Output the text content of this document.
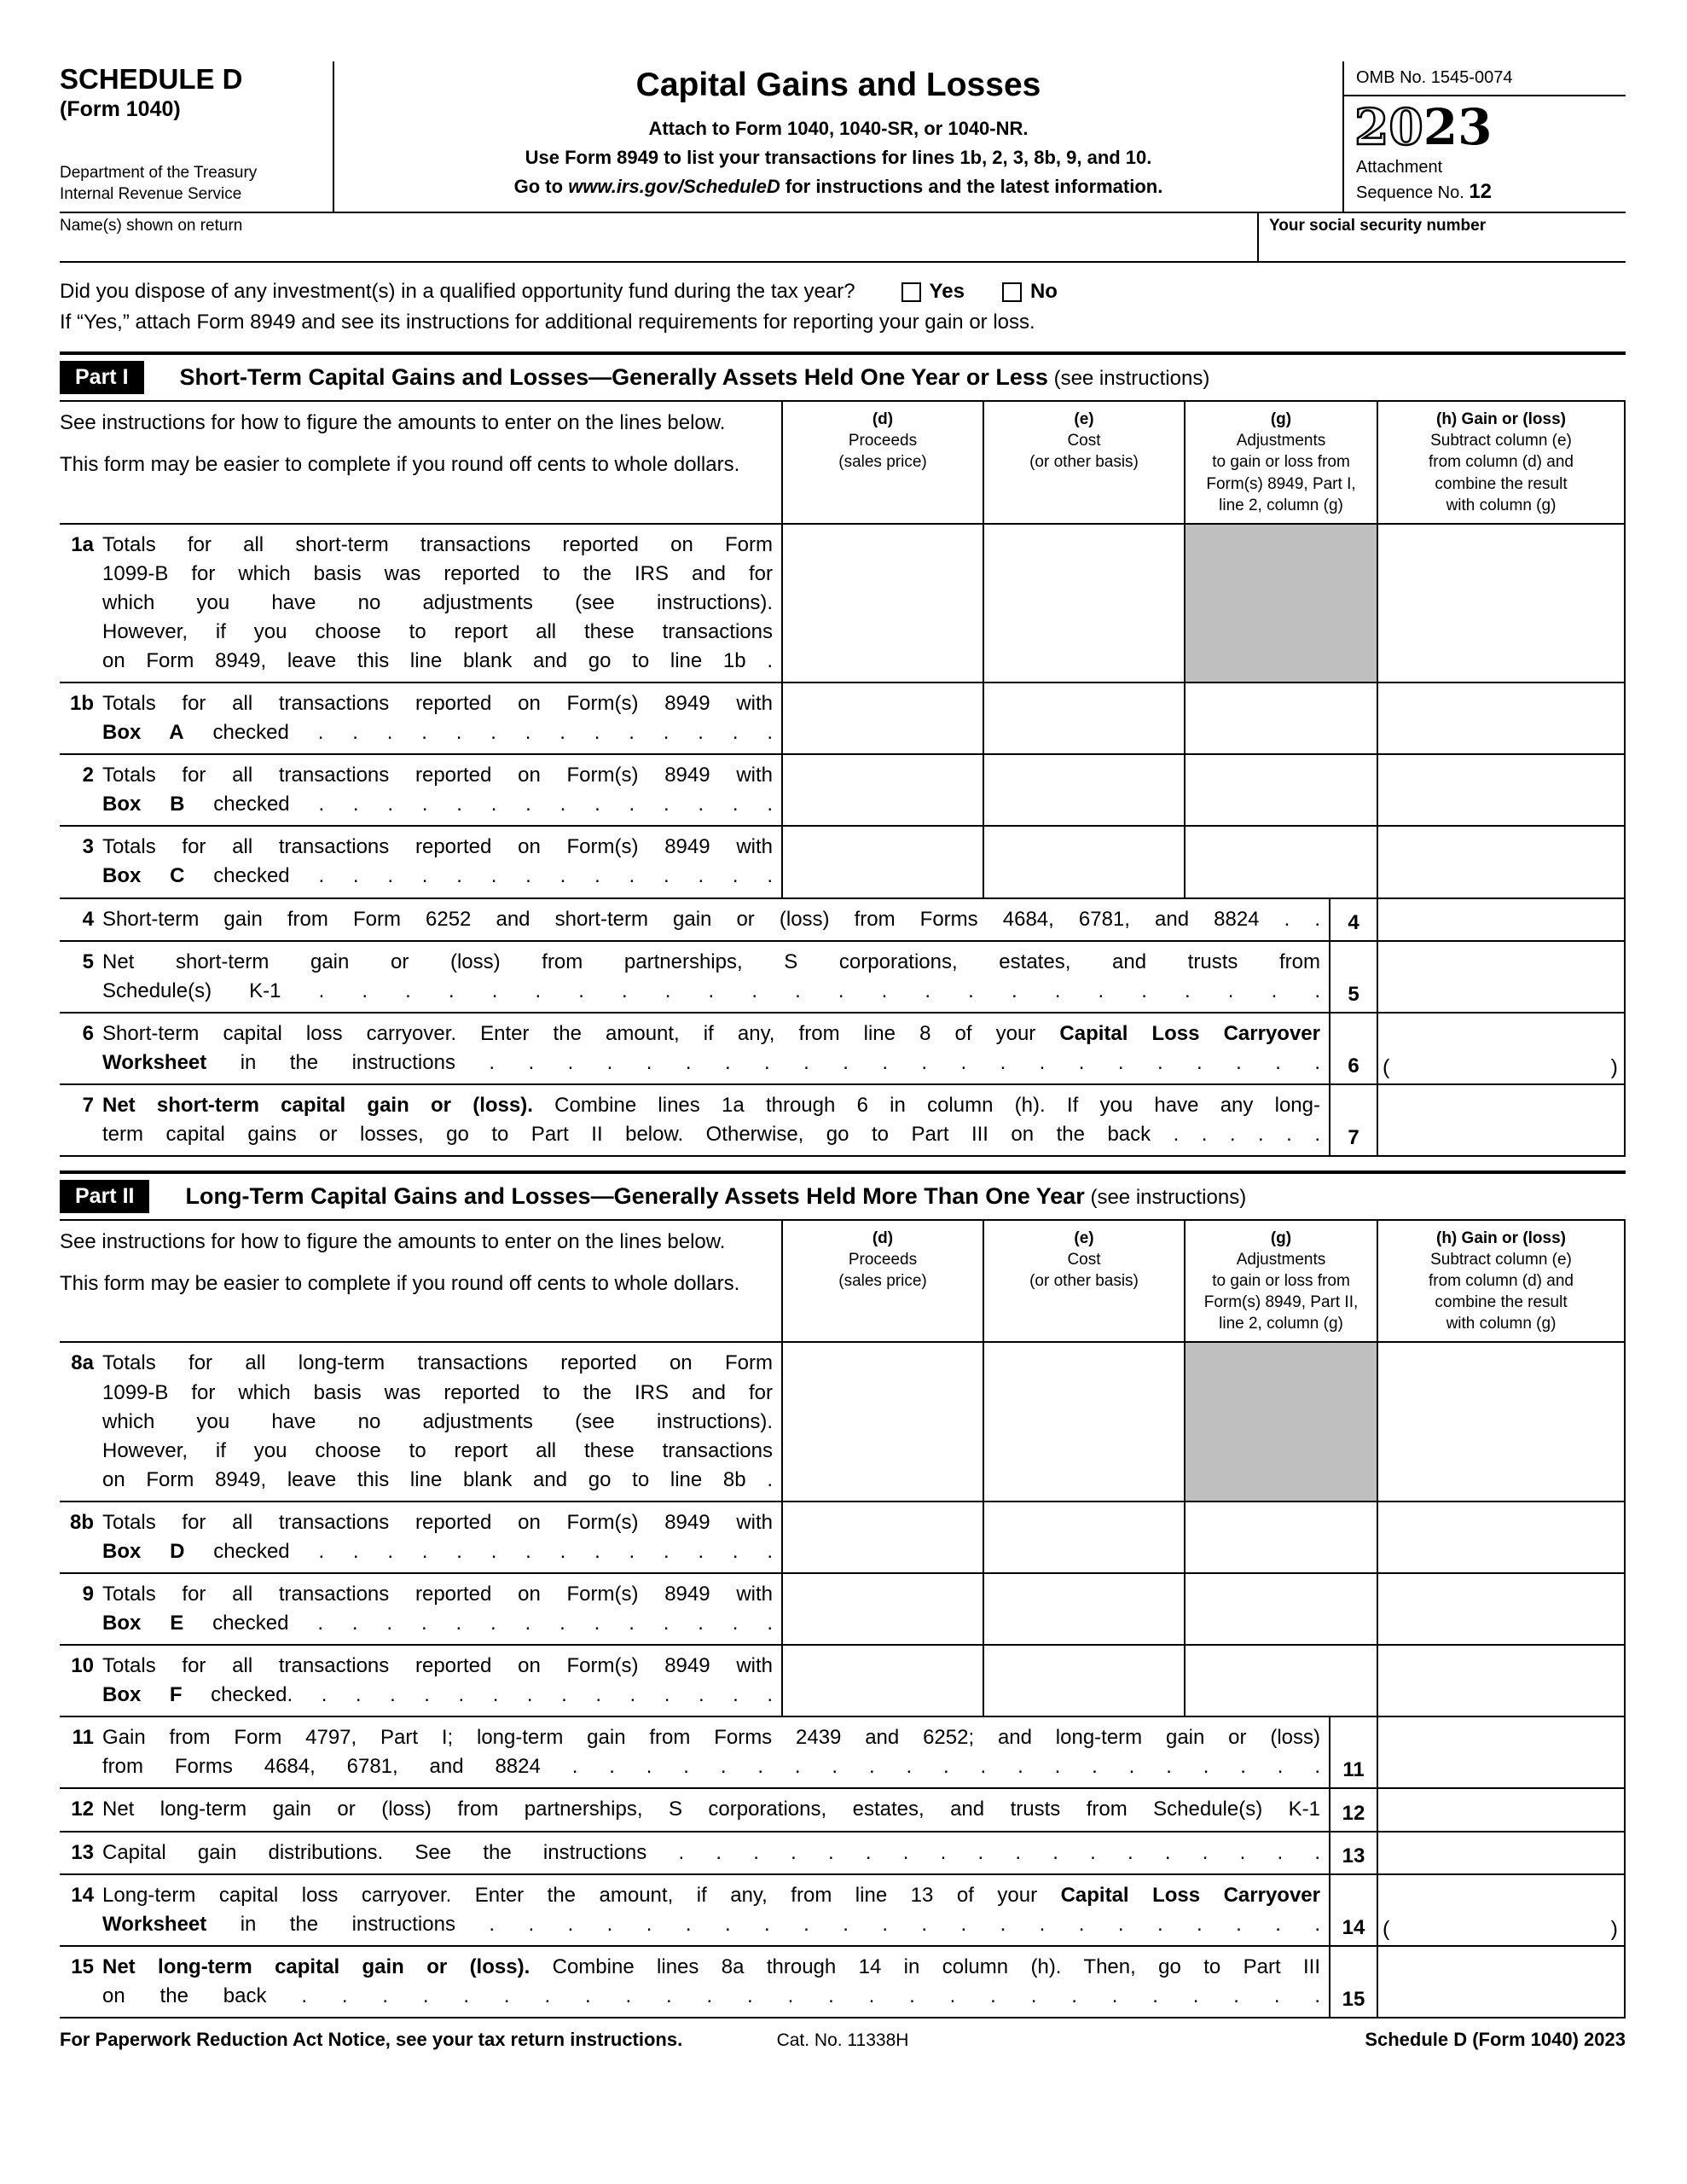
SCHEDULE D
(Form 1040)
Department of the Treasury
Internal Revenue Service
Capital Gains and Losses
Attach to Form 1040, 1040-SR, or 1040-NR.
Use Form 8949 to list your transactions for lines 1b, 2, 3, 8b, 9, and 10.
Go to www.irs.gov/ScheduleD for instructions and the latest information.
OMB No. 1545-0074
2023
Attachment
Sequence No. 12
Name(s) shown on return	Your social security number
Did you dispose of any investment(s) in a qualified opportunity fund during the tax year?	Yes	No
If “Yes,” attach Form 8949 and see its instructions for additional requirements for reporting your gain or loss.
Part I	Short-Term Capital Gains and Losses—Generally Assets Held One Year or Less (see instructions)

See instructions for how to figure the amounts to enter on the lines below.

This form may be easier to complete if you round off cents to whole dollars.

(d)
Proceeds
(sales price)
(e)
Cost
(or other basis)
(g)
Adjustments
to gain or loss from
Form(s) 8949, Part I,
line 2, column (g)
(h) Gain or (loss)
Subtract column (e)
from column (d) and
combine the result
with column (g)
1a Totals for all short-term transactions reported on Form
1099-B for which basis was reported to the IRS and for
which you have no adjustments (see instructions).
However, if you choose to report all these transactions
on Form 8949, leave this line blank and go to line 1b .
1b Totals for all transactions reported on Form(s) 8949 with
Box A checked . . . . . . . . . . . . . .
2 Totals for all transactions reported on Form(s) 8949 with
Box B checked . . . . . . . . . . . . . .
3 Totals for all transactions reported on Form(s) 8949 with
Box C checked . . . . . . . . . . . . . .
4 Short-term gain from Form 6252 and short-term gain or (loss) from Forms 4684, 6781, and 8824 . .	4
5 Net short-term gain or (loss) from partnerships, S corporations, estates, and trusts from
Schedule(s) K-1 . . . . . . . . . . . . . . . . . . . . . . . .	5
6 Short-term capital loss carryover. Enter the amount, if any, from line 8 of your Capital Loss Carryover
Worksheet in the instructions . . . . . . . . . . . . . . . . . . . . . .	6	(	)
7 Net short-term capital gain or (loss). Combine lines 1a through 6 in column (h). If you have any long-
term capital gains or losses, go to Part II below. Otherwise, go to Part III on the back . . . . . .	7
Part II	Long-Term Capital Gains and Losses—Generally Assets Held More Than One Year (see instructions)

See instructions for how to figure the amounts to enter on the lines below.

This form may be easier to complete if you round off cents to whole dollars.

(d)
Proceeds
(sales price)
(e)
Cost
(or other basis)
(g)
Adjustments
to gain or loss from
Form(s) 8949, Part II,
line 2, column (g)
(h) Gain or (loss)
Subtract column (e)
from column (d) and
combine the result
with column (g)
8a Totals for all long-term transactions reported on Form
1099-B for which basis was reported to the IRS and for
which you have no adjustments (see instructions).
However, if you choose to report all these transactions
on Form 8949, leave this line blank and go to line 8b .
8b Totals for all transactions reported on Form(s) 8949 with
Box D checked . . . . . . . . . . . . . .
9 Totals for all transactions reported on Form(s) 8949 with
Box E checked . . . . . . . . . . . . . .
10 Totals for all transactions reported on Form(s) 8949 with
Box F checked. . . . . . . . . . . . . . .
11 Gain from Form 4797, Part I; long-term gain from Forms 2439 and 6252; and long-term gain or (loss)
from Forms 4684, 6781, and 8824 . . . . . . . . . . . . . . . . . . . . .	11
12 Net long-term gain or (loss) from partnerships, S corporations, estates, and trusts from Schedule(s) K-1	12
13 Capital gain distributions. See the instructions . . . . . . . . . . . . . . . . . .	13
14 Long-term capital loss carryover. Enter the amount, if any, from line 13 of your Capital Loss Carryover
Worksheet in the instructions . . . . . . . . . . . . . . . . . . . . . .	14 (	)
15 Net long-term capital gain or (loss). Combine lines 8a through 14 in column (h). Then, go to Part III
on the back . . . . . . . . . . . . . . . . . . . . . . . . . .	15
For Paperwork Reduction Act Notice, see your tax return instructions.	Cat. No. 11338H	Schedule D (Form 1040) 2023
